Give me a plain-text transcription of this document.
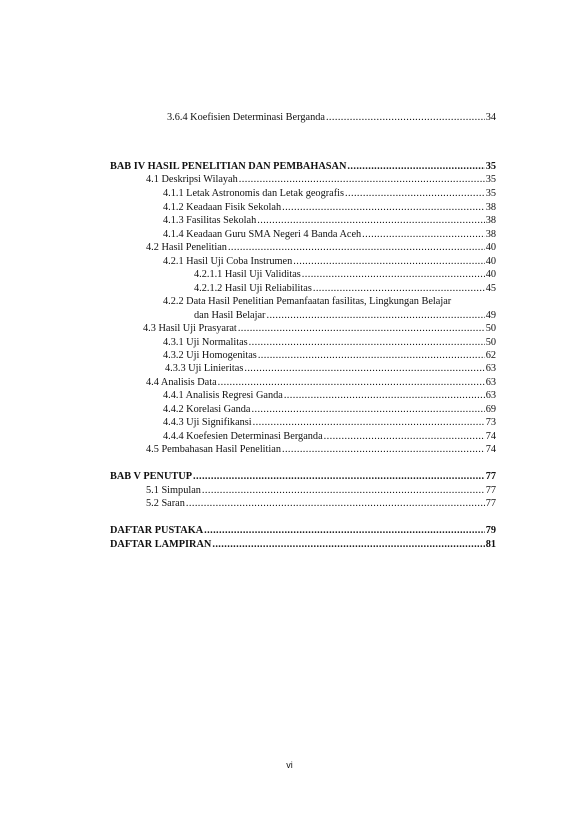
3.6.4 Koefisien Determinasi Berganda .....	34
BAB IV HASIL PENELITIAN DAN PEMBAHASAN .....	35
4.1 Deskripsi Wilayah .....	35
4.1.1 Letak Astronomis dan Letak geografis .....	35
4.1.2 Keadaan Fisik Sekolah .....	38
4.1.3 Fasilitas Sekolah .....	38
4.1.4 Keadaan Guru SMA Negeri 4 Banda Aceh .....	38
4.2 Hasil Penelitian .....	40
4.2.1 Hasil Uji Coba Instrumen .....	40
4.2.1.1 Hasil Uji Validitas .....	40
4.2.1.2 Hasil Uji Reliabilitas .....	45
4.2.2 Data Hasil Penelitian Pemanfaatan fasilitas, Lingkungan Belajar
dan Hasil Belajar .....	49
4.3 Hasil Uji Prasyarat .....	50
4.3.1 Uji Normalitas .....	50
4.3.2 Uji Homogenitas .....	62
4.3.3 Uji Linieritas .....	63
4.4 Analisis Data .....	63
4.4.1 Analisis Regresi Ganda .....	63
4.4.2 Korelasi Ganda .....	69
4.4.3 Uji Signifikansi .....	73
4.4.4 Koefesien Determinasi Berganda .....	74
4.5 Pembahasan Hasil Penelitian .....	74
BAB V PENUTUP .....	77
5.1 Simpulan .....	77
5.2 Saran .....	77
DAFTAR PUSTAKA .....	79
DAFTAR LAMPIRAN .....	81
vi
